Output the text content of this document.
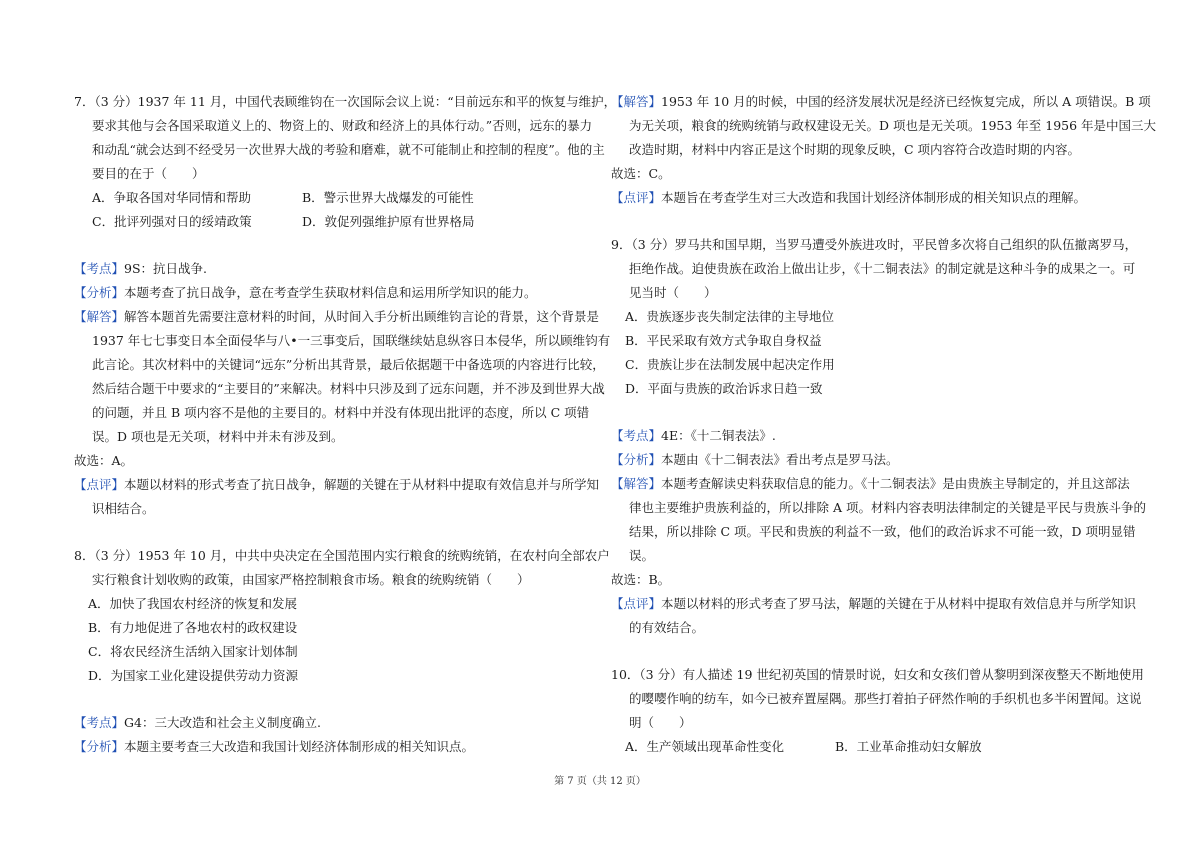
7．（3 分）1937 年 11 月，中国代表顾维钧在一次国际会议上说：“目前远东和平的恢复与维护，
要求其他与会各国采取道义上的、物资上的、财政和经济上的具体行动。”否则，远东的暴力
和动乱“就会达到不经受另一次世界大战的考验和磨难，就不可能制止和控制的程度”。他的主
要目的在于（　　）
A．争取各国对华同情和帮助	B．警示世界大战爆发的可能性
C．批评列强对日的绥靖政策	D．敦促列强维护原有世界格局
【考点】9S：抗日战争.
【分析】本题考查了抗日战争，意在考查学生获取材料信息和运用所学知识的能力。
【解答】解答本题首先需要注意材料的时间，从时间入手分析出顾维钧言论的背景，这个背景是
1937 年七七事变日本全面侵华与八•一三事变后，国联继续姑息纵容日本侵华，所以顾维钧有
此言论。其次材料中的关键词“远东”分析出其背景，最后依据题干中备选项的内容进行比较，
然后结合题干中要求的“主要目的”来解决。材料中只涉及到了远东问题，并不涉及到世界大战
的问题，并且 B 项内容不是他的主要目的。材料中并没有体现出批评的态度，所以 C 项错
误。D 项也是无关项，材料中并未有涉及到。
故选：A。
【点评】本题以材料的形式考查了抗日战争，解题的关键在于从材料中提取有效信息并与所学知
识相结合。
8．（3 分）1953 年 10 月，中共中央决定在全国范围内实行粮食的统购统销，在农村向全部农户
实行粮食计划收购的政策，由国家严格控制粮食市场。粮食的统购统销（　　）
A．加快了我国农村经济的恢复和发展
B．有力地促进了各地农村的政权建设
C．将农民经济生活纳入国家计划体制
D．为国家工业化建设提供劳动力资源
【考点】G4：三大改造和社会主义制度确立.
【分析】本题主要考查三大改造和我国计划经济体制形成的相关知识点。
【解答】1953 年 10 月的时候，中国的经济发展状况是经济已经恢复完成，所以 A 项错误。B 项
为无关项，粮食的统购统销与政权建设无关。D 项也是无关项。1953 年至 1956 年是中国三大
改造时期，材料中内容正是这个时期的现象反映，C 项内容符合改造时期的内容。
故选：C。
【点评】本题旨在考查学生对三大改造和我国计划经济体制形成的相关知识点的理解。
9．（3 分）罗马共和国早期，当罗马遭受外族进攻时，平民曾多次将自己组织的队伍撤离罗马，
拒绝作战。迫使贵族在政治上做出让步，《十二铜表法》的制定就是这种斗争的成果之一。可
见当时（　　）
A．贵族逐步丧失制定法律的主导地位
B．平民采取有效方式争取自身权益
C．贵族让步在法制发展中起决定作用
D．平面与贵族的政治诉求日趋一致
【考点】4E：《十二铜表法》.
【分析】本题由《十二铜表法》看出考点是罗马法。
【解答】本题考查解读史料获取信息的能力。《十二铜表法》是由贵族主导制定的，并且这部法
律也主要维护贵族利益的，所以排除 A 项。材料内容表明法律制定的关键是平民与贵族斗争的
结果，所以排除 C 项。平民和贵族的利益不一致，他们的政治诉求不可能一致，D 项明显错
误。
故选：B。
【点评】本题以材料的形式考查了罗马法，解题的关键在于从材料中提取有效信息并与所学知识
的有效结合。
10．（3 分）有人描述 19 世纪初英国的情景时说，妇女和女孩们曾从黎明到深夜整天不断地使用
的嘤嘤作响的纺车，如今已被弃置屋隅。那些打着拍子砰然作响的手织机也多半闲置闻。这说
明（　　）
A．生产领域出现革命性变化	B．工业革命推动妇女解放
第 7 页（共 12 页）
